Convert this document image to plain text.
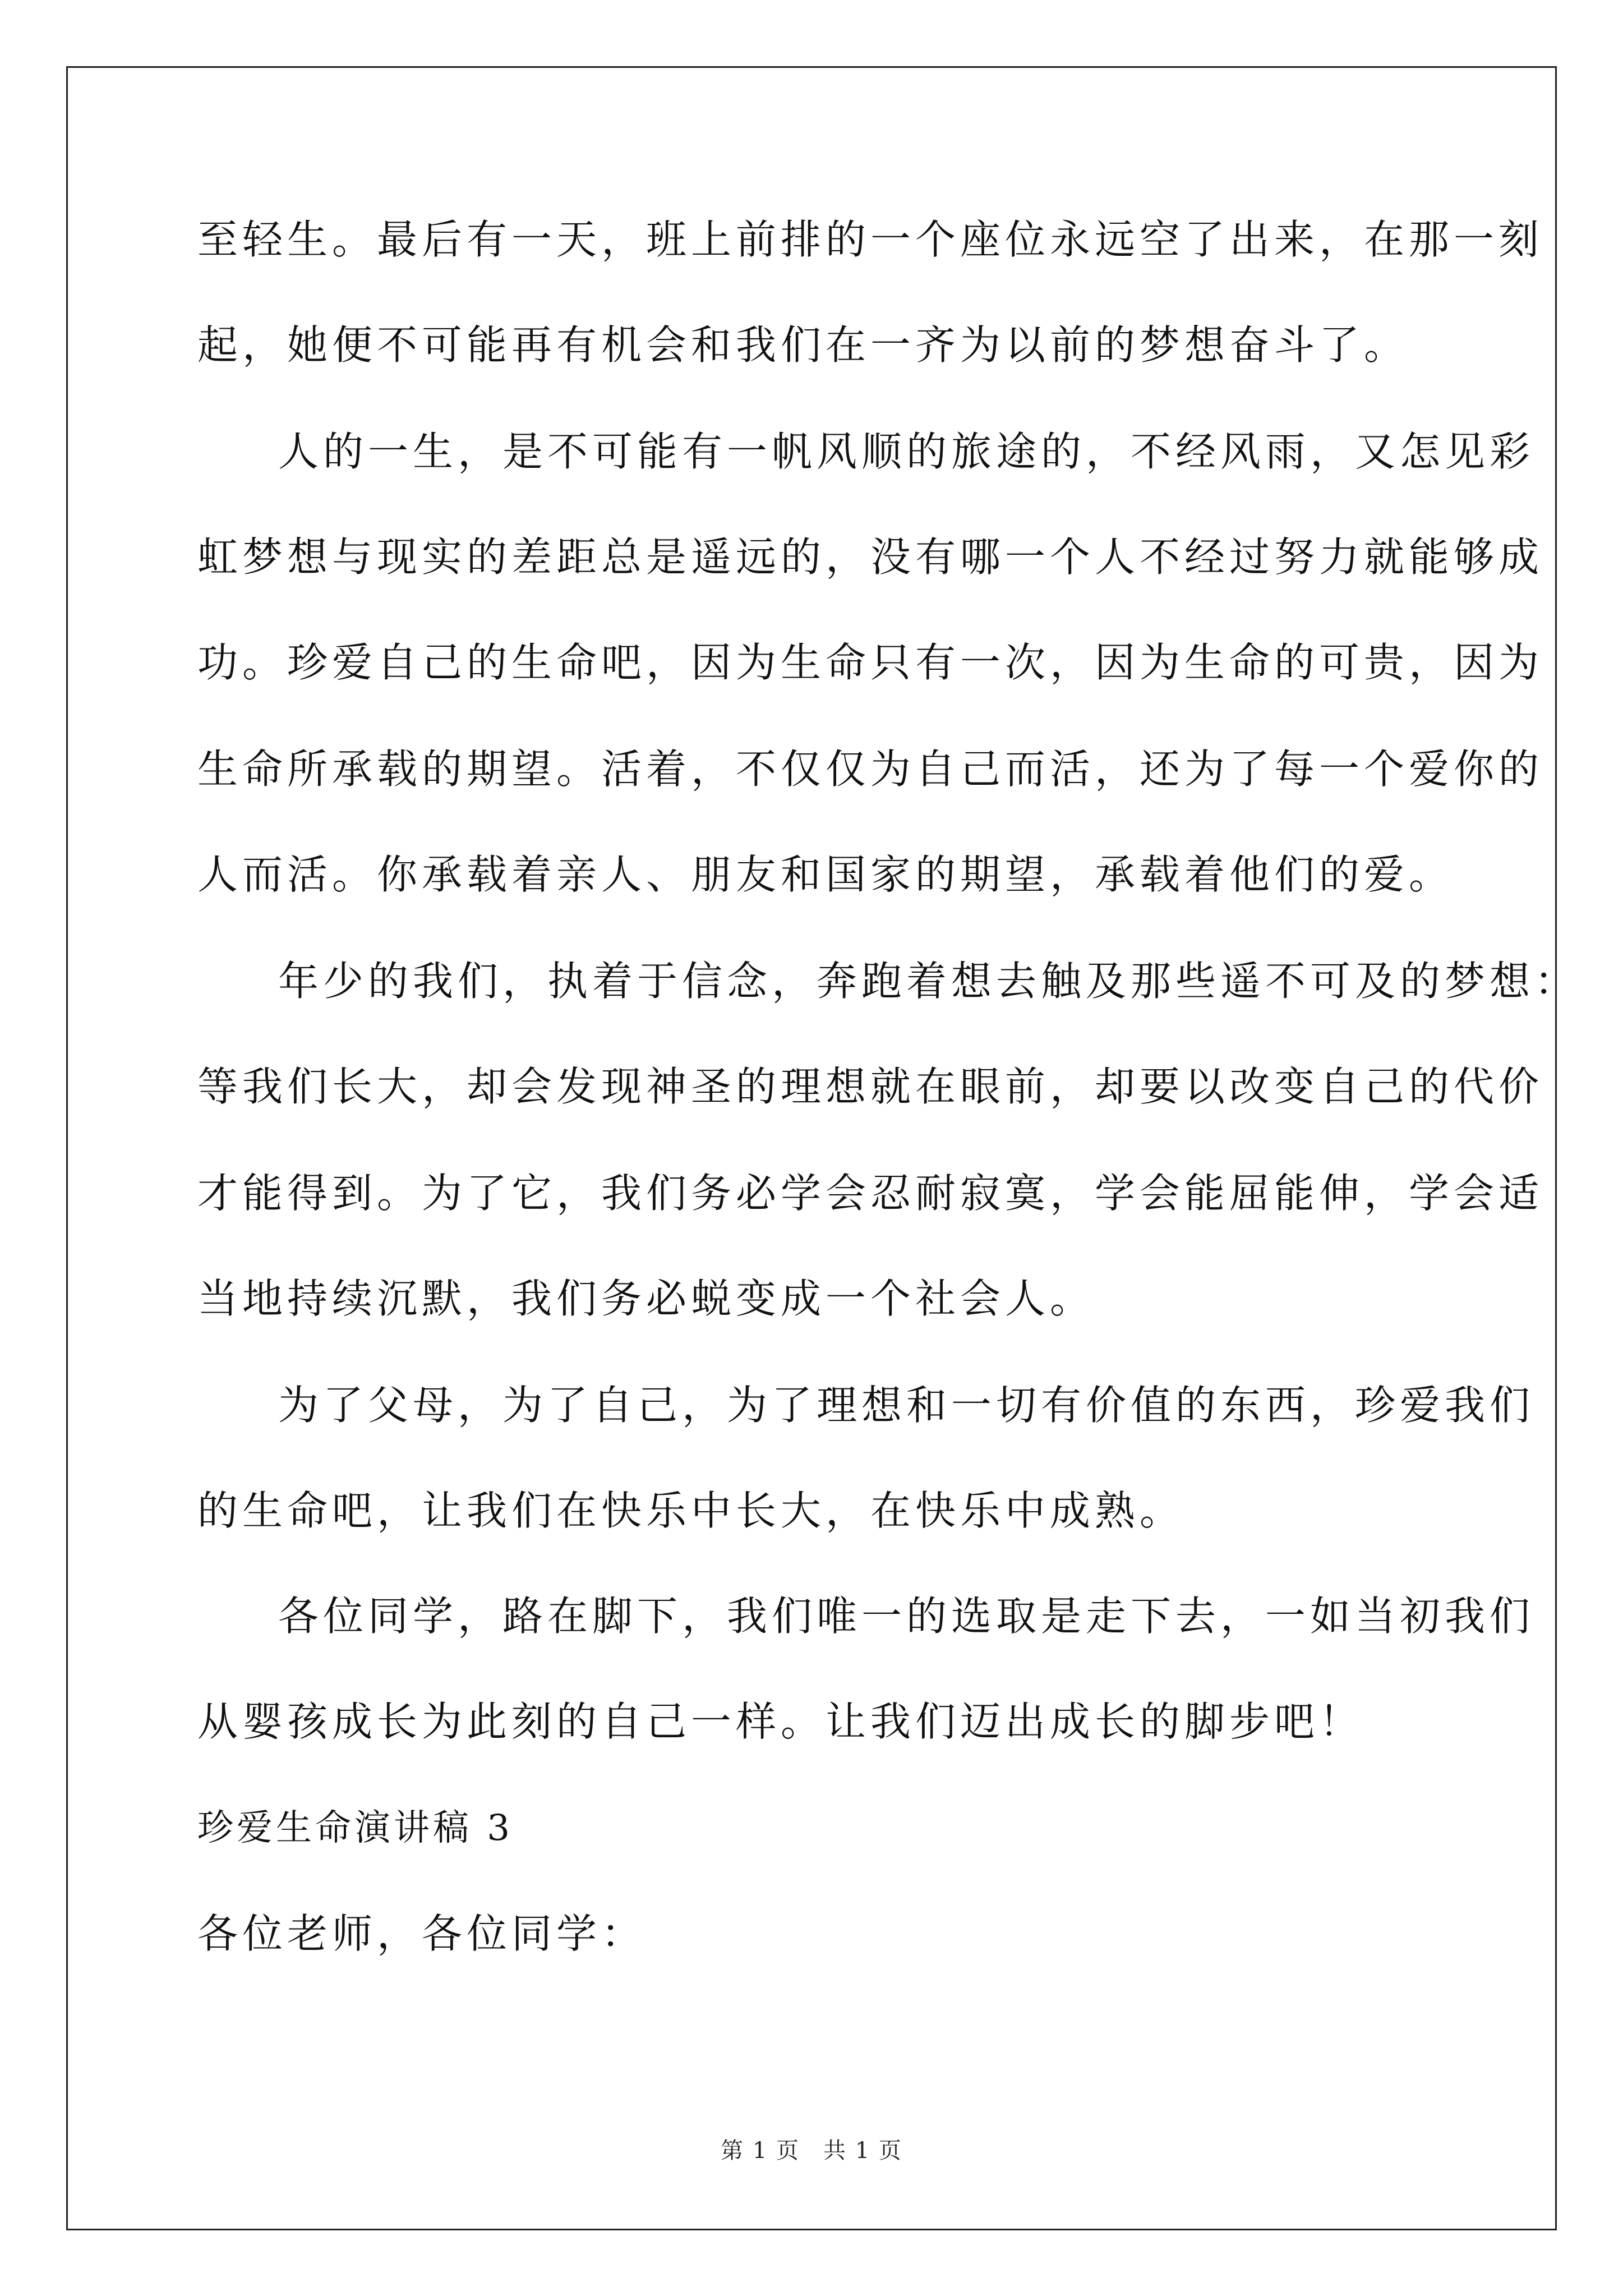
至轻生。最后有一天，班上前排的一个座位永远空了出来，在那一刻
起，她便不可能再有机会和我们在一齐为以前的梦想奋斗了。
人的一生，是不可能有一帆风顺的旅途的，不经风雨，又怎见彩
虹梦想与现实的差距总是遥远的，没有哪一个人不经过努力就能够成
功。珍爱自己的生命吧，因为生命只有一次，因为生命的可贵，因为
生命所承载的期望。活着，不仅仅为自己而活，还为了每一个爱你的
人而活。你承载着亲人、朋友和国家的期望，承载着他们的爱。
年少的我们，执着于信念，奔跑着想去触及那些遥不可及的梦想：
等我们长大，却会发现神圣的理想就在眼前，却要以改变自己的代价
才能得到。为了它，我们务必学会忍耐寂寞，学会能屈能伸，学会适
当地持续沉默，我们务必蜕变成一个社会人。
为了父母，为了自己，为了理想和一切有价值的东西，珍爱我们
的生命吧，让我们在快乐中长大，在快乐中成熟。
各位同学，路在脚下，我们唯一的选取是走下去，一如当初我们
从婴孩成长为此刻的自己一样。让我们迈出成长的脚步吧！
珍爱生命演讲稿 3
各位老师，各位同学：
第 1 页　共 1 页
